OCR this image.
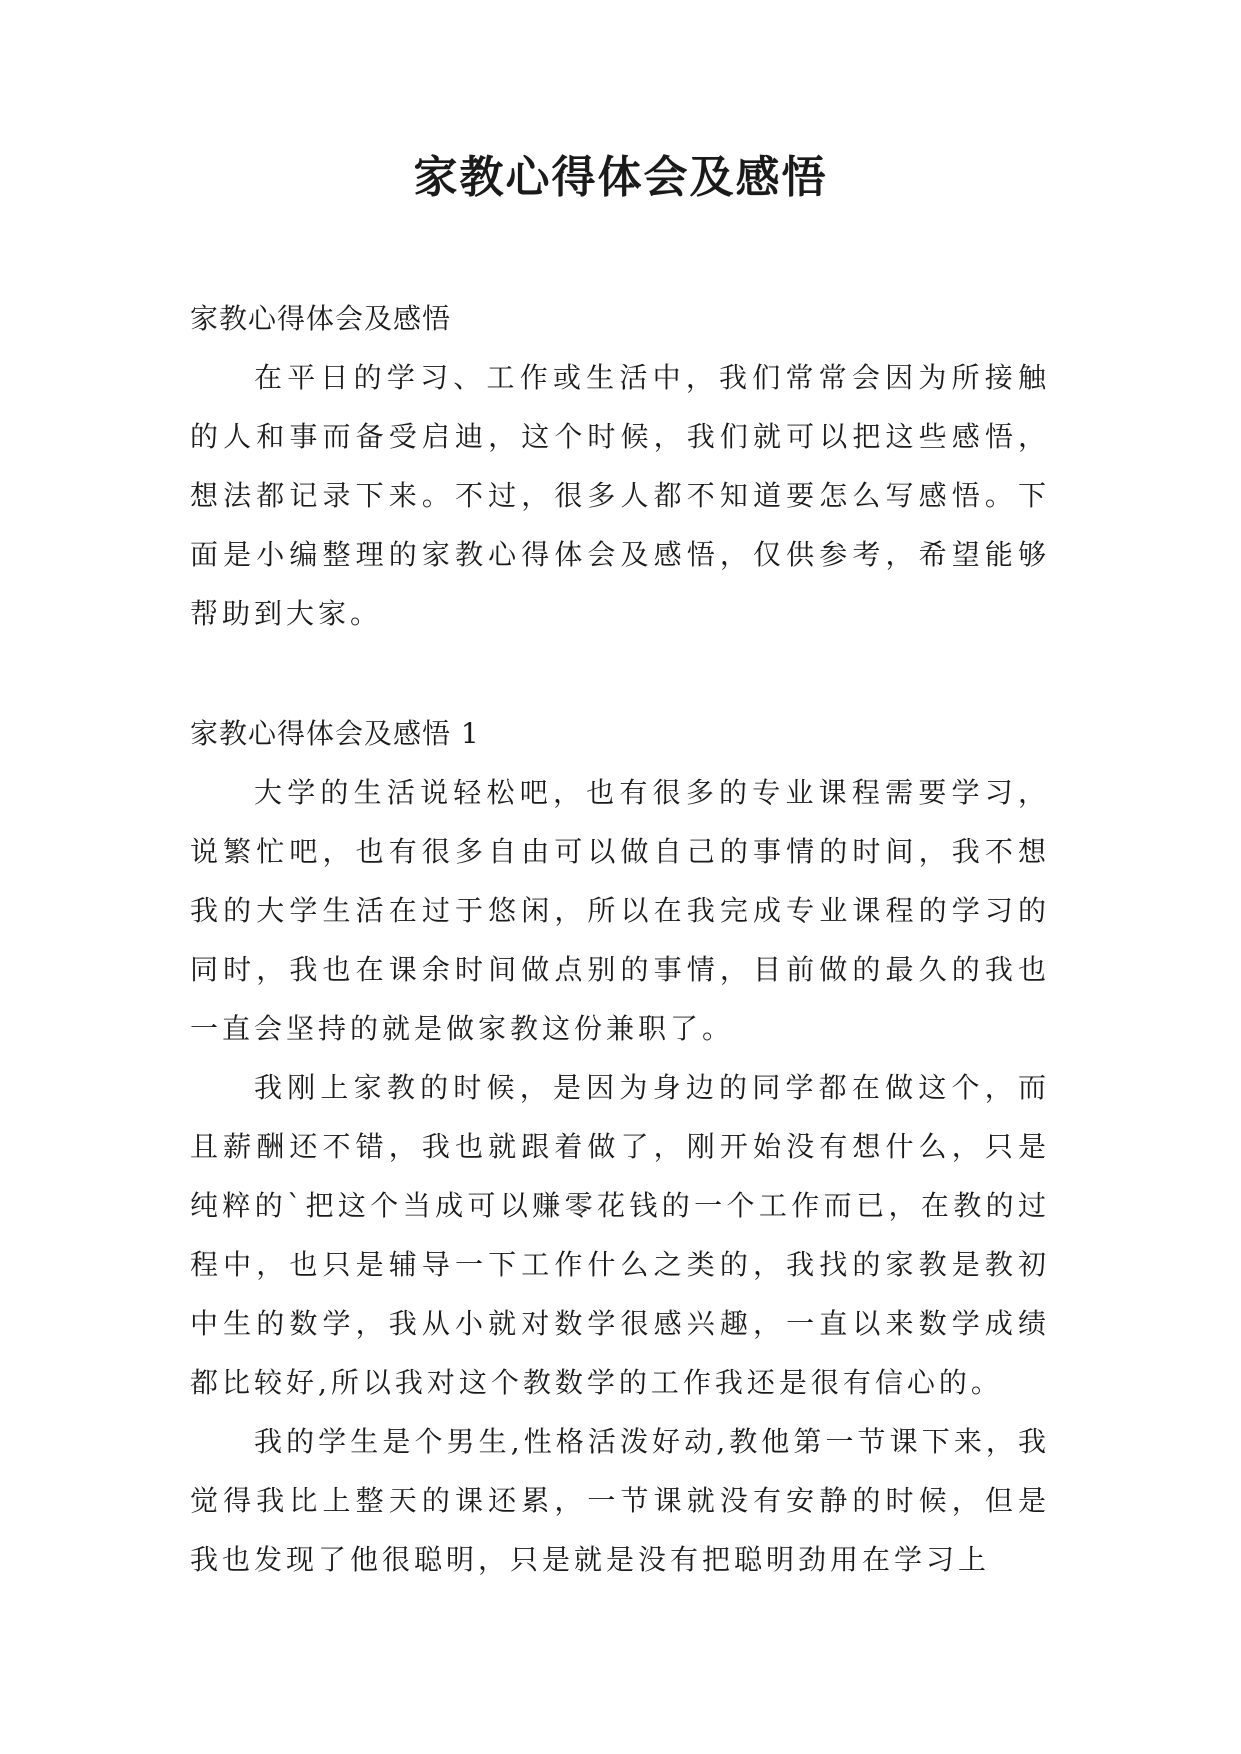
家教心得体会及感悟

家教心得体会及感悟

在平日的学习、工作或生活中，我们常常会因为所接触的人和事而备受启迪，这个时候，我们就可以把这些感悟，想法都记录下来。不过，很多人都不知道要怎么写感悟。下面是小编整理的家教心得体会及感悟，仅供参考，希望能够帮助到大家。

家教心得体会及感悟 1

大学的生活说轻松吧，也有很多的专业课程需要学习，说繁忙吧，也有很多自由可以做自己的事情的时间，我不想我的大学生活在过于悠闲，所以在我完成专业课程的学习的同时，我也在课余时间做点别的事情，目前做的最久的我也一直会坚持的就是做家教这份兼职了。

我刚上家教的时候，是因为身边的同学都在做这个，而且薪酬还不错，我也就跟着做了，刚开始没有想什么，只是纯粹的`把这个当成可以赚零花钱的一个工作而已，在教的过程中，也只是辅导一下工作什么之类的，我找的家教是教初中生的数学，我从小就对数学很感兴趣，一直以来数学成绩都比较好,所以我对这个教数学的工作我还是很有信心的。

我的学生是个男生,性格活泼好动,教他第一节课下来，我觉得我比上整天的课还累，一节课就没有安静的时候，但是我也发现了他很聪明，只是就是没有把聪明劲用在学习上
